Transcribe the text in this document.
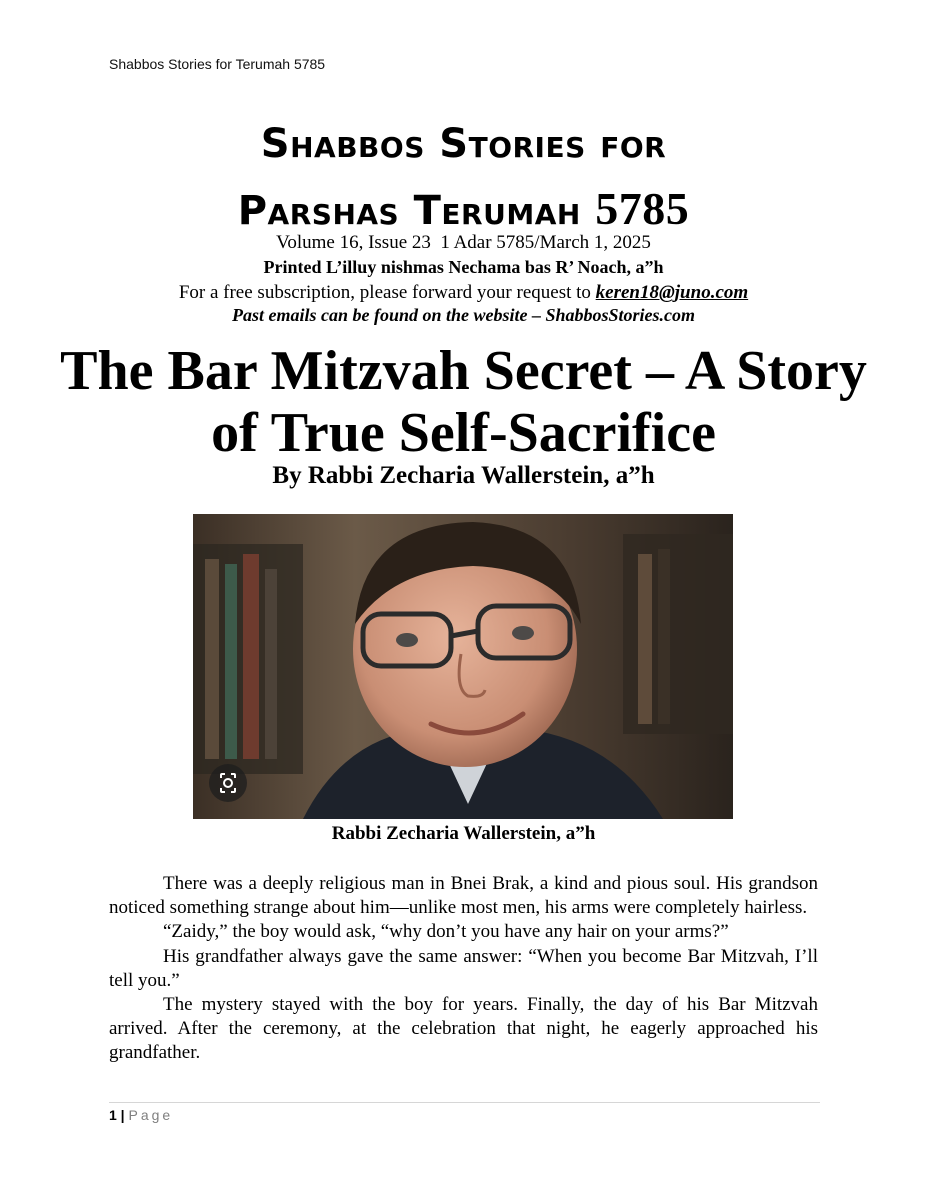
Shabbos Stories for Terumah 5785
Shabbos Stories for
Parshas Terumah 5785
Volume 16, Issue 23  1 Adar 5785/March 1, 2025
Printed L’illuy nishmas Nechama bas R’ Noach, a”h
For a free subscription, please forward your request to keren18@juno.com
Past emails can be found on the website – ShabbosStories.com
The Bar Mitzvah Secret – A Story of True Self-Sacrifice
By Rabbi Zecharia Wallerstein, a”h
Rabbi Zecharia Wallerstein, a”h

There was a deeply religious man in Bnei Brak, a kind and pious soul. His grandson noticed something strange about him—unlike most men, his arms were completely hairless.

“Zaidy,” the boy would ask, “why don’t you have any hair on your arms?”

His grandfather always gave the same answer: “When you become Bar Mitzvah, I’ll tell you.”

The mystery stayed with the boy for years. Finally, the day of his Bar Mitzvah arrived. After the ceremony, at the celebration that night, he eagerly approached his grandfather.

1 | Page
